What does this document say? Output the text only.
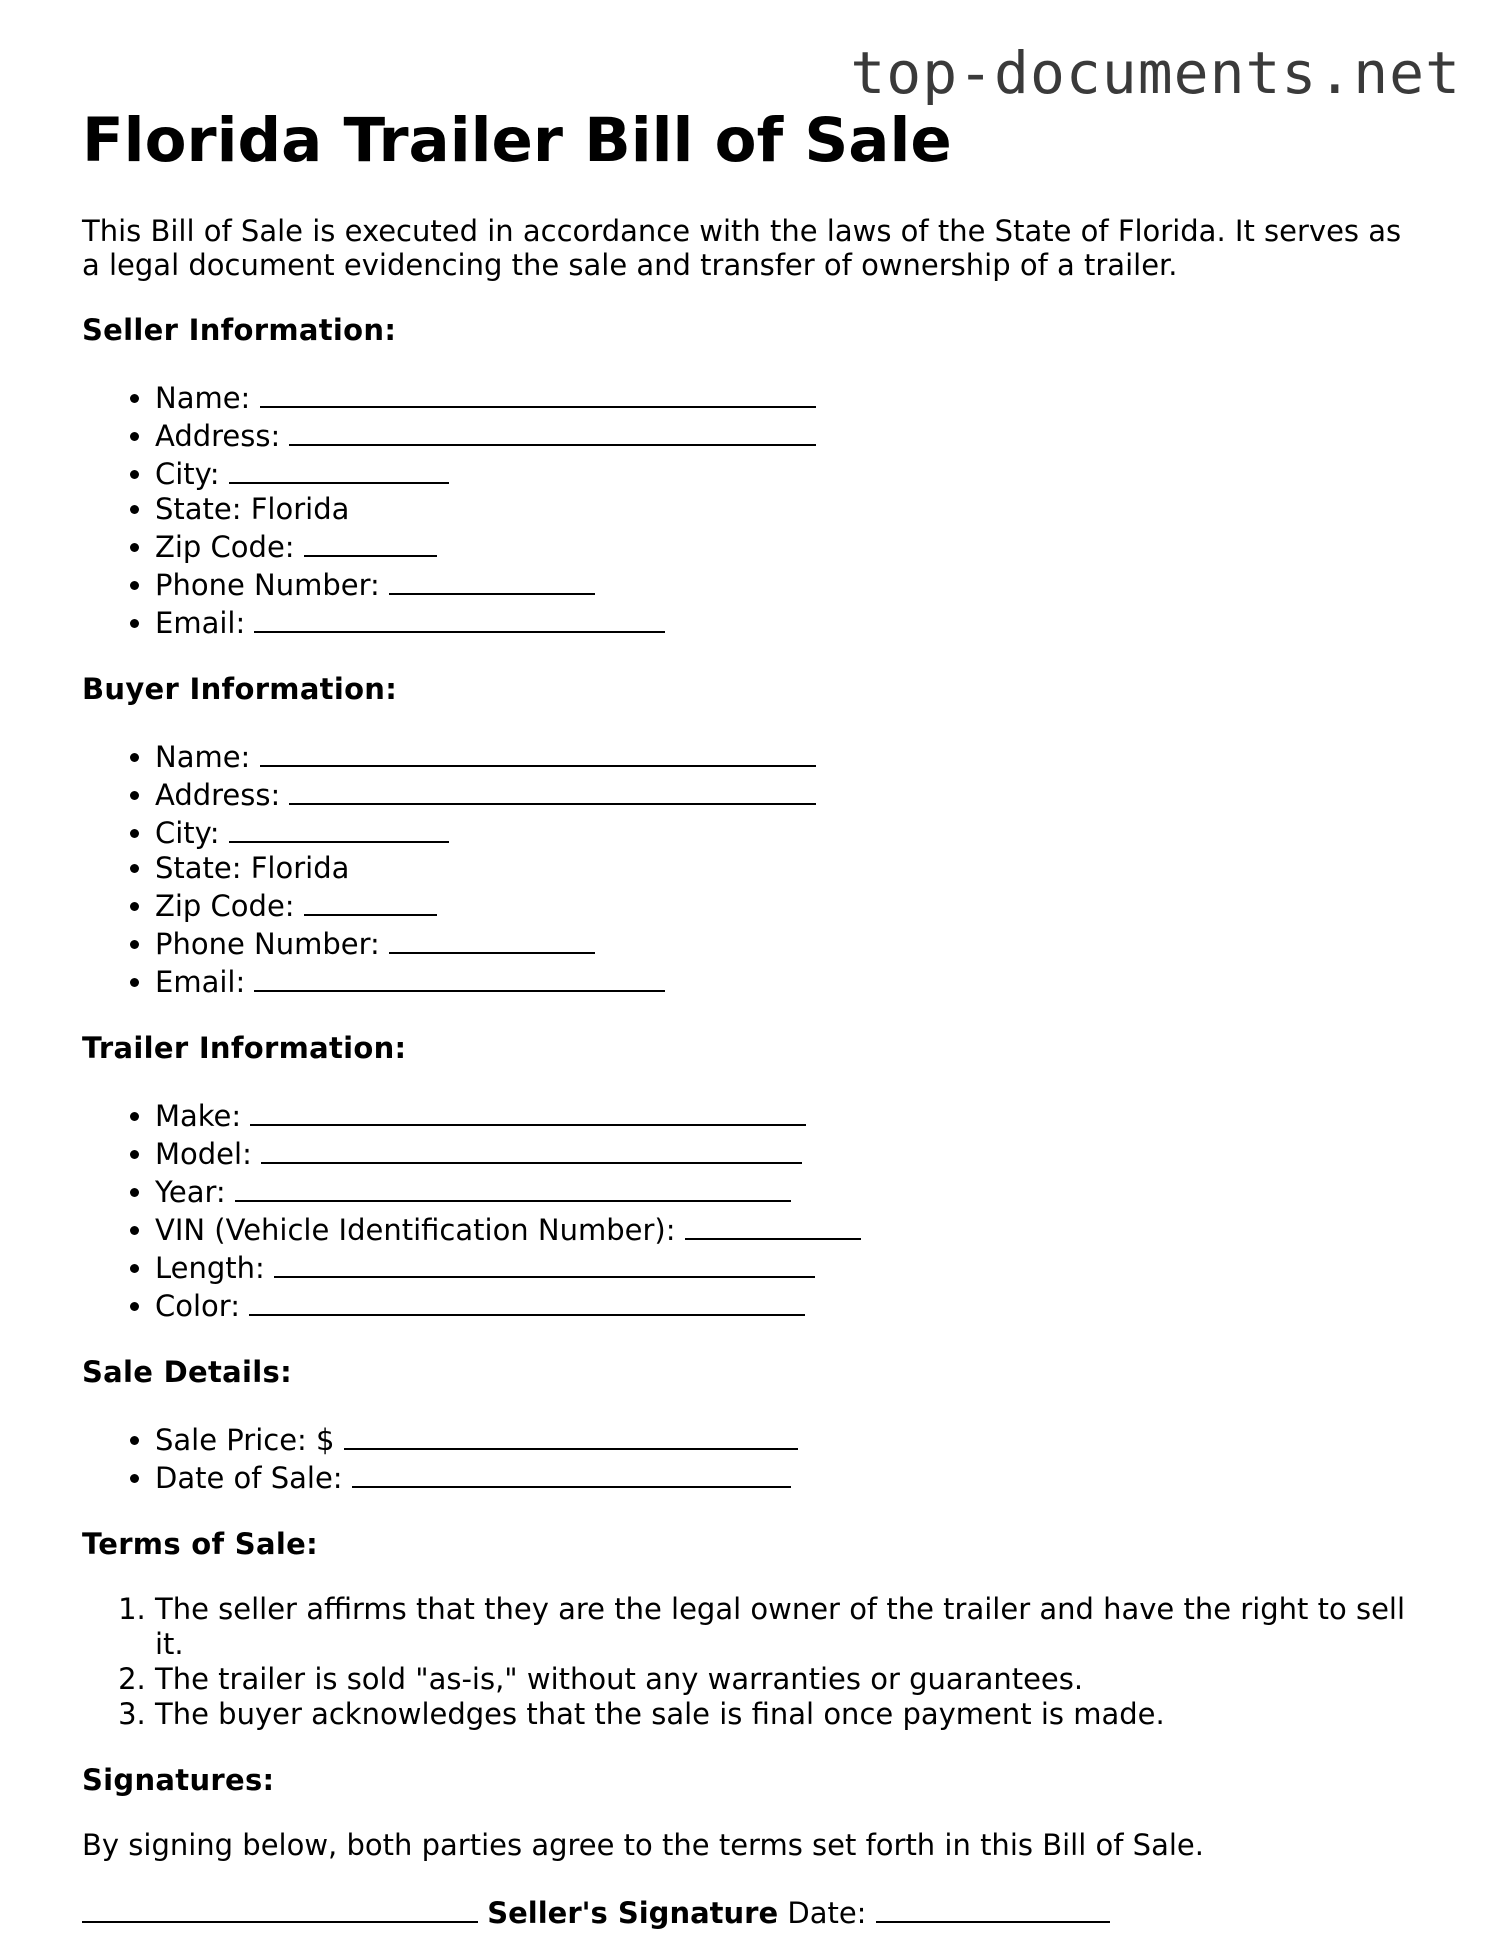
top-documents.net
Florida Trailer Bill of Sale

This Bill of Sale is executed in accordance with the laws of the State of Florida. It serves as a legal document evidencing the sale and transfer of ownership of a trailer.

Seller Information:
• Name:
• Address:
• City:
• State: Florida
• Zip Code:
• Phone Number:
• Email:
Buyer Information:
• Name:
• Address:
• City:
• State: Florida
• Zip Code:
• Phone Number:
• Email:
Trailer Information:
• Make:
• Model:
• Year:
• VIN (Vehicle Identification Number):
• Length:
• Color:
Sale Details:
• Sale Price: $
• Date of Sale:
Terms of Sale:
1. The seller affirms that they are the legal owner of the trailer and have the right to sell it.
2. The trailer is sold "as-is," without any warranties or guarantees.
3. The buyer acknowledges that the sale is final once payment is made.
Signatures:

By signing below, both parties agree to the terms set forth in this Bill of Sale.

Seller's Signature Date:
